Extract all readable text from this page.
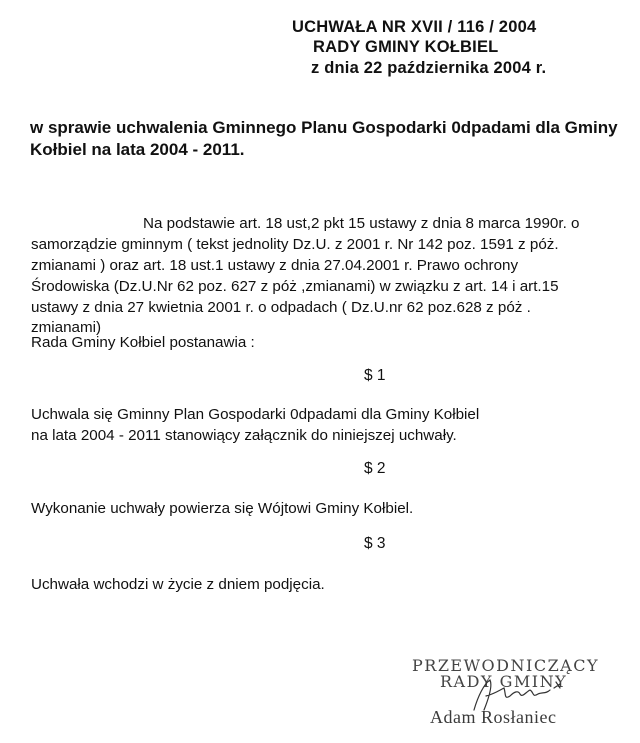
UCHWAŁA NR XVII / 116 / 2004
RADY GMINY KOŁBIEL
z dnia 22 października 2004 r.
w sprawie uchwalenia Gminnego Planu Gospodarki 0dpadami dla Gminy
Kołbiel na lata 2004 - 2011.
Na podstawie art. 18 ust,2 pkt 15 ustawy z dnia 8 marca 1990r. o
samorządzie gminnym ( tekst jednolity Dz.U. z 2001 r. Nr 142 poz. 1591 z póż.
zmianami ) oraz art. 18 ust.1 ustawy z dnia 27.04.2001 r. Prawo ochrony
Środowiska (Dz.U.Nr 62 poz. 627 z póż ,zmianami) w związku z art. 14 i art.15
ustawy z dnia 27 kwietnia 2001 r. o odpadach ( Dz.U.nr 62 poz.628 z póż .
zmianami)
Rada Gminy Kołbiel postanawia :
$ 1
Uchwala się Gminny Plan Gospodarki 0dpadami dla Gminy Kołbiel
na lata 2004 - 2011 stanowiący załącznik do niniejszej uchwały.
$ 2
Wykonanie uchwały powierza się Wójtowi Gminy Kołbiel.
$ 3
Uchwała wchodzi w życie z dniem podjęcia.
PRZEWODNICZĄCY
RADY GMINY
Adam Rosłaniec
